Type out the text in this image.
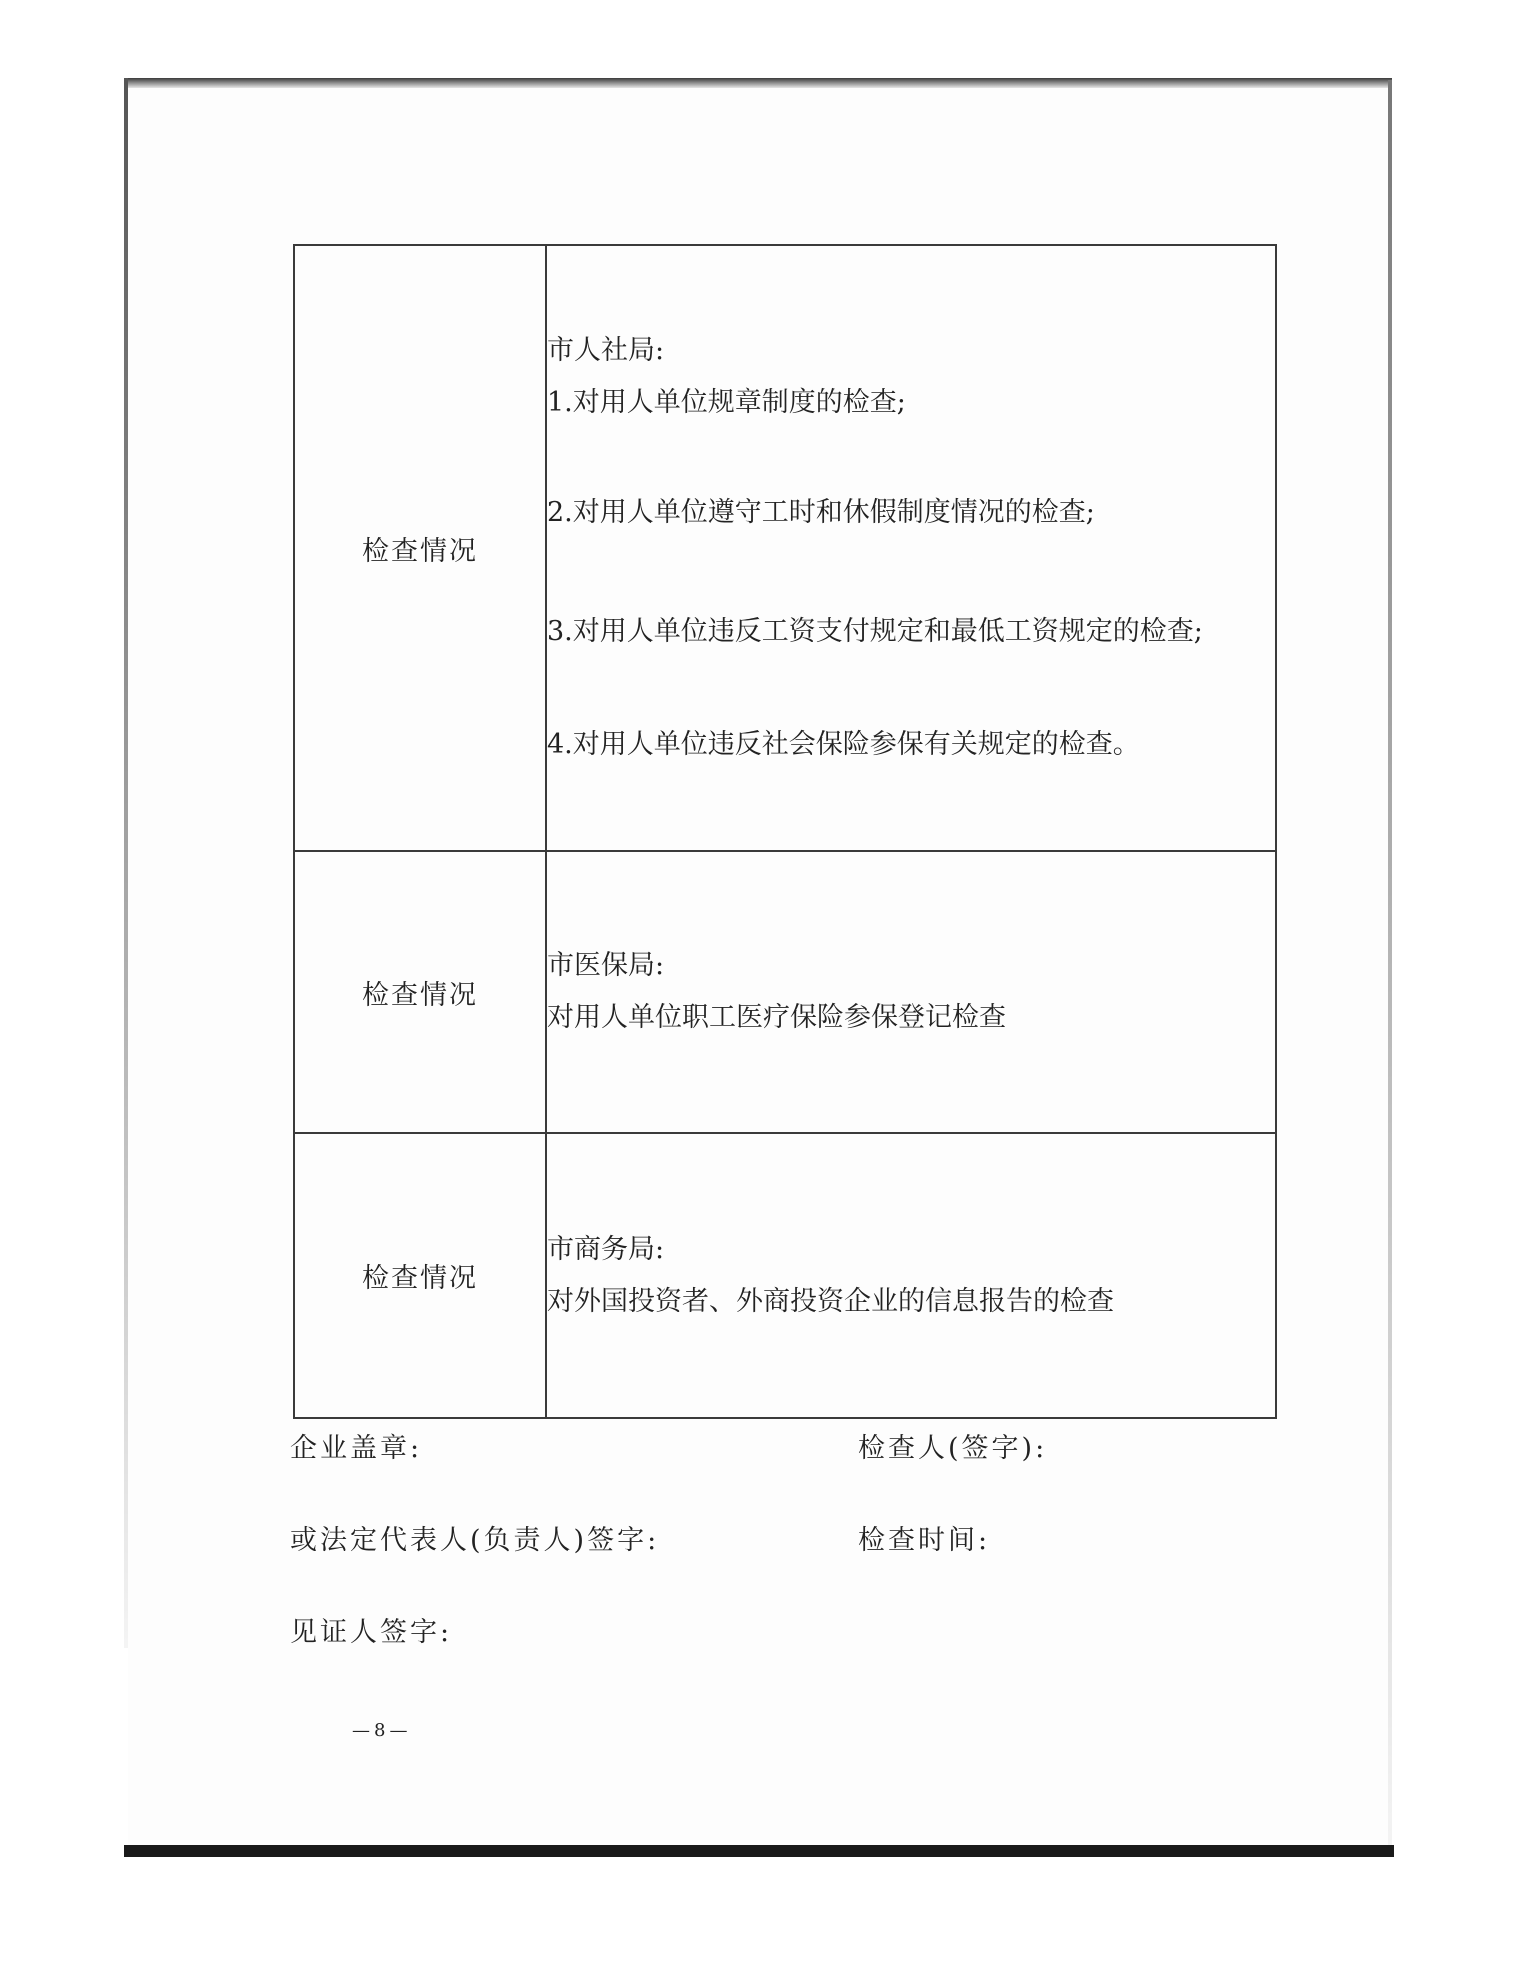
检查情况	市人社局:
1.对用人单位规章制度的检查;
2.对用人单位遵守工时和休假制度情况的检查;
3.对用人单位违反工资支付规定和最低工资规定的检查;
4.对用人单位违反社会保险参保有关规定的检查。

检查情况	市医保局:
对用人单位职工医疗保险参保登记检查

检查情况	市商务局:
对外国投资者、外商投资企业的信息报告的检查
企业盖章:	检查人(签字):
或法定代表人(负责人)签字:	检查时间:
见证人签字:
—8—
